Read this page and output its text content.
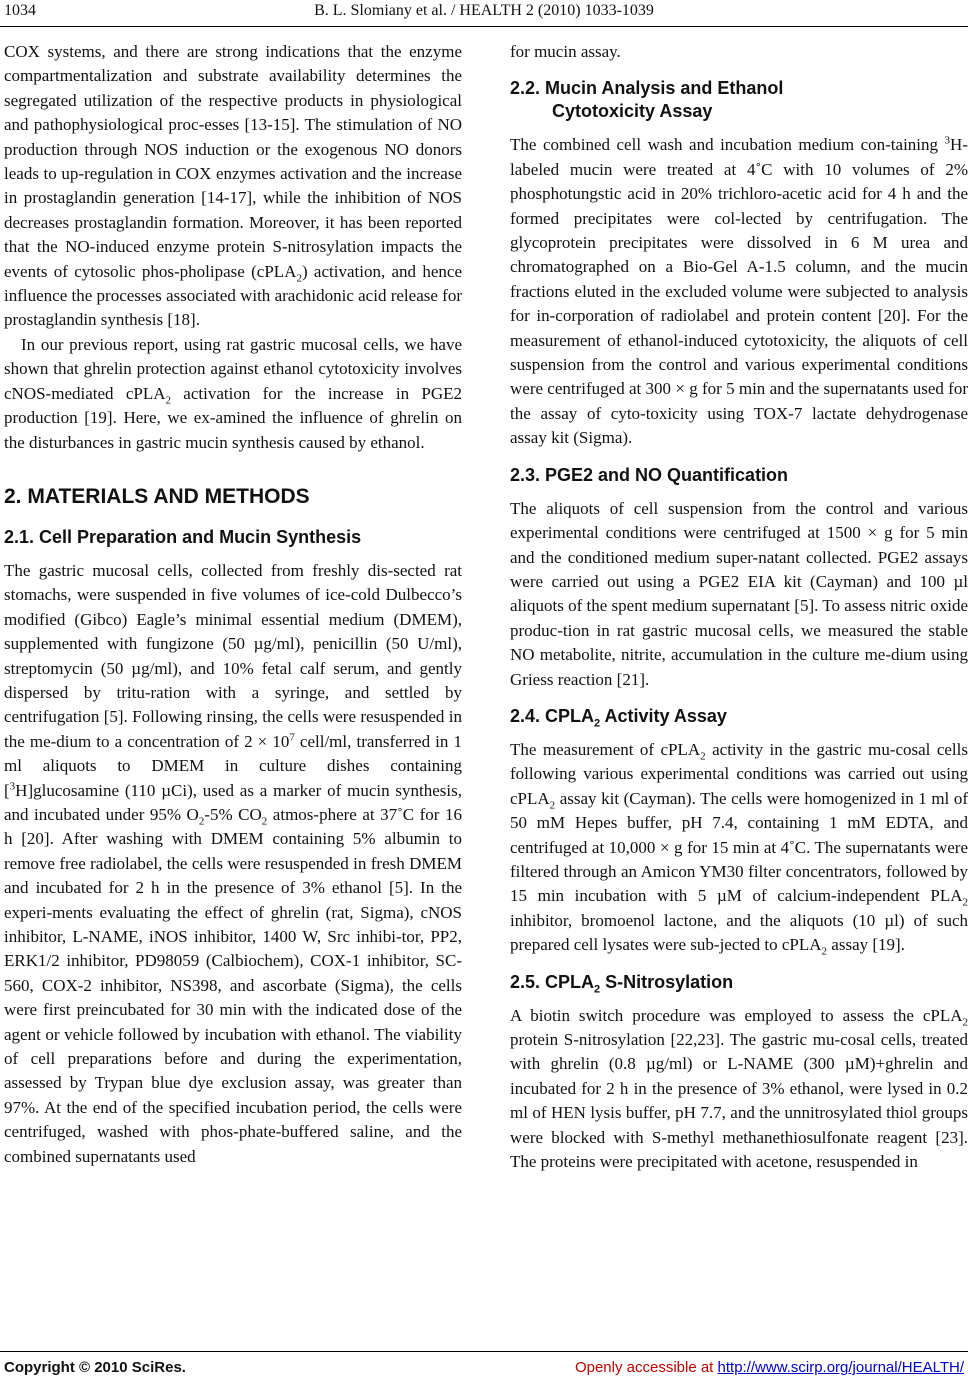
1034	B. L. Slomiany et al. / HEALTH 2 (2010) 1033-1039

COX systems, and there are strong indications that the enzyme compartmentalization and substrate availability determines the segregated utilization of the respective products in physiological and pathophysiological proc-esses [13-15]. The stimulation of NO production through NOS induction or the exogenous NO donors leads to up-regulation in COX enzymes activation and the increase in prostaglandin generation [14-17], while the inhibition of NOS decreases prostaglandin formation. Moreover, it has been reported that the NO-induced enzyme protein S-nitrosylation impacts the events of cytosolic phos-pholipase (cPLA$_2$) activation, and hence influence the processes associated with arachidonic acid release for prostaglandin synthesis [18].

In our previous report, using rat gastric mucosal cells, we have shown that ghrelin protection against ethanol cytotoxicity involves cNOS-mediated cPLA$_2$ activation for the increase in PGE2 production [19]. Here, we ex-amined the influence of ghrelin on the disturbances in gastric mucin synthesis caused by ethanol.

2. MATERIALS AND METHODS
2.1. Cell Preparation and Mucin Synthesis

The gastric mucosal cells, collected from freshly dis-sected rat stomachs, were suspended in five volumes of ice-cold Dulbecco’s modified (Gibco) Eagle’s minimal essential medium (DMEM), supplemented with fungizone (50 µg/ml), penicillin (50 U/ml), streptomycin (50 µg/ml), and 10% fetal calf serum, and gently dispersed by tritu-ration with a syringe, and settled by centrifugation [5]. Following rinsing, the cells were resuspended in the me-dium to a concentration of $2 \times 10^7$ cell/ml, transferred in 1 ml aliquots to DMEM in culture dishes containing [$^3$H]glucosamine (110 µCi), used as a marker of mucin synthesis, and incubated under 95% $O_2-5\%$ $CO_2$ atmos-phere at 37˚C for 16 h [20]. After washing with DMEM containing 5% albumin to remove free radiolabel, the cells were resuspended in fresh DMEM and incubated for 2 h in the presence of 3% ethanol [5]. In the experi-ments evaluating the effect of ghrelin (rat, Sigma), cNOS inhibitor, L-NAME, iNOS inhibitor, 1400 W, Src inhibi-tor, PP2, ERK1/2 inhibitor, PD98059 (Calbiochem), COX-1 inhibitor, SC-560, COX-2 inhibitor, NS398, and ascorbate (Sigma), the cells were first preincubated for 30 min with the indicated dose of the agent or vehicle followed by incubation with ethanol. The viability of cell preparations before and during the experimentation, assessed by Trypan blue dye exclusion assay, was greater than 97%. At the end of the specified incubation period, the cells were centrifuged, washed with phos-phate-buffered saline, and the combined supernatants used

for mucin assay.

2.2. Mucin Analysis and Ethanol
Cytotoxicity Assay

The combined cell wash and incubation medium con-taining $^3$H-labeled mucin were treated at 4˚C with 10 volumes of 2% phosphotungstic acid in 20% trichloro-acetic acid for 4 h and the formed precipitates were col-lected by centrifugation. The glycoprotein precipitates were dissolved in 6 M urea and chromatographed on a Bio-Gel A-1.5 column, and the mucin fractions eluted in the excluded volume were subjected to analysis for in-corporation of radiolabel and protein content [20]. For the measurement of ethanol-induced cytotoxicity, the aliquots of cell suspension from the control and various experimental conditions were centrifuged at 300 × g for 5 min and the supernatants used for the assay of cyto-toxicity using TOX-7 lactate dehydrogenase assay kit (Sigma).

2.3. PGE2 and NO Quantification

The aliquots of cell suspension from the control and various experimental conditions were centrifuged at 1500 × g for 5 min and the conditioned medium super-natant collected. PGE2 assays were carried out using a PGE2 EIA kit (Cayman) and 100 µl aliquots of the spent medium supernatant [5]. To assess nitric oxide produc-tion in rat gastric mucosal cells, we measured the stable NO metabolite, nitrite, accumulation in the culture me-dium using Griess reaction [21].

2.4. $CPLA_2$ Activity Assay

The measurement of cPLA$_2$ activity in the gastric mu-cosal cells following various experimental conditions was carried out using cPLA$_2$ assay kit (Cayman). The cells were homogenized in 1 ml of 50 mM Hepes buffer, pH 7.4, containing 1 mM EDTA, and centrifuged at 10,000 × g for 15 min at 4˚C. The supernatants were filtered through an Amicon YM30 filter concentrators, followed by 15 min incubation with 5 µM of calcium-independent $PLA_2$ inhibitor, bromoenol lactone, and the aliquots (10 µl) of such prepared cell lysates were sub-jected to cPLA$_2$ assay [19].

2.5. $CPLA_2$ S-Nitrosylation

A biotin switch procedure was employed to assess the cPLA$_2$ protein S-nitrosylation [22,23]. The gastric mu-cosal cells, treated with ghrelin (0.8 µg/ml) or L-NAME (300 µM)+ghrelin and incubated for 2 h in the presence of 3% ethanol, were lysed in 0.2 ml of HEN lysis buffer, pH 7.7, and the unnitrosylated thiol groups were blocked with S-methyl methanethiosulfonate reagent [23]. The proteins were precipitated with acetone, resuspended in

Copyright © 2010 SciRes.	Openly accessible at http://www.scirp.org/journal/HEALTH/
